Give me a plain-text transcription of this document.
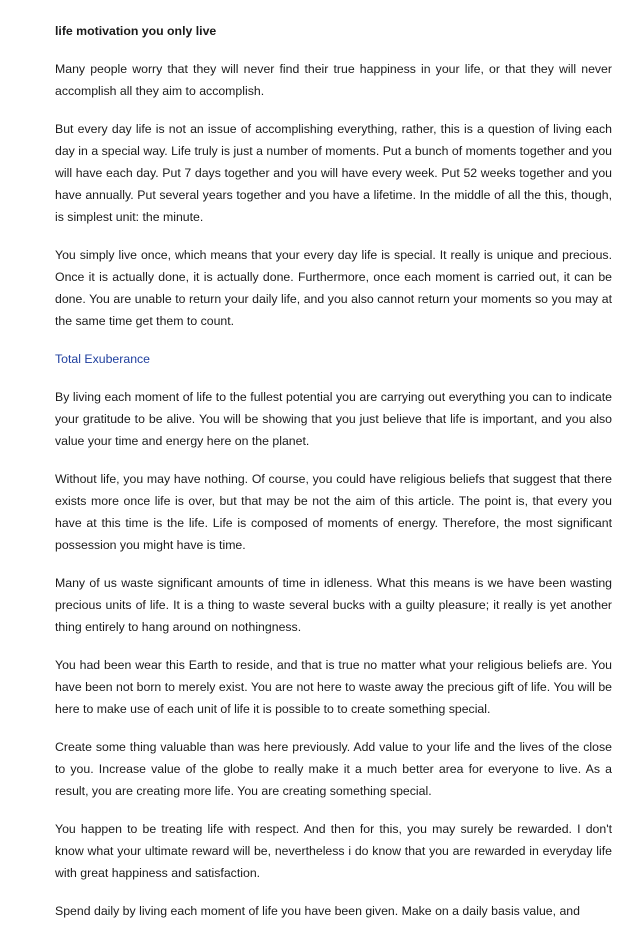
life motivation you only live

Many people worry that they will never find their true happiness in your life, or that they will never accomplish all they aim to accomplish.

But every day life is not an issue of accomplishing everything, rather, this is a question of living each day in a special way. Life truly is just a number of moments. Put a bunch of moments together and you will have each day. Put 7 days together and you will have every week. Put 52 weeks together and you have annually. Put several years together and you have a lifetime. In the middle of all the this, though, is simplest unit: the minute.

You simply live once, which means that your every day life is special. It really is unique and precious. Once it is actually done, it is actually done. Furthermore, once each moment is carried out, it can be done. You are unable to return your daily life, and you also cannot return your moments so you may at the same time get them to count.

Total Exuberance

By living each moment of life to the fullest potential you are carrying out everything you can to indicate your gratitude to be alive. You will be showing that you just believe that life is important, and you also value your time and energy here on the planet.

Without life, you may have nothing. Of course, you could have religious beliefs that suggest that there exists more once life is over, but that may be not the aim of this article. The point is, that every you have at this time is the life. Life is composed of moments of energy. Therefore, the most significant possession you might have is time.

Many of us waste significant amounts of time in idleness. What this means is we have been wasting precious units of life. It is a thing to waste several bucks with a guilty pleasure; it really is yet another thing entirely to hang around on nothingness.

You had been wear this Earth to reside, and that is true no matter what your religious beliefs are. You have been not born to merely exist. You are not here to waste away the precious gift of life. You will be here to make use of each unit of life it is possible to to create something special.

Create some thing valuable than was here previously. Add value to your life and the lives of the close to you. Increase value of the globe to really make it a much better area for everyone to live. As a result, you are creating more life. You are creating something special.

You happen to be treating life with respect. And then for this, you may surely be rewarded. I don't know what your ultimate reward will be, nevertheless i do know that you are rewarded in everyday life with great happiness and satisfaction.

Spend daily by living each moment of life you have been given. Make on a daily basis value, and
